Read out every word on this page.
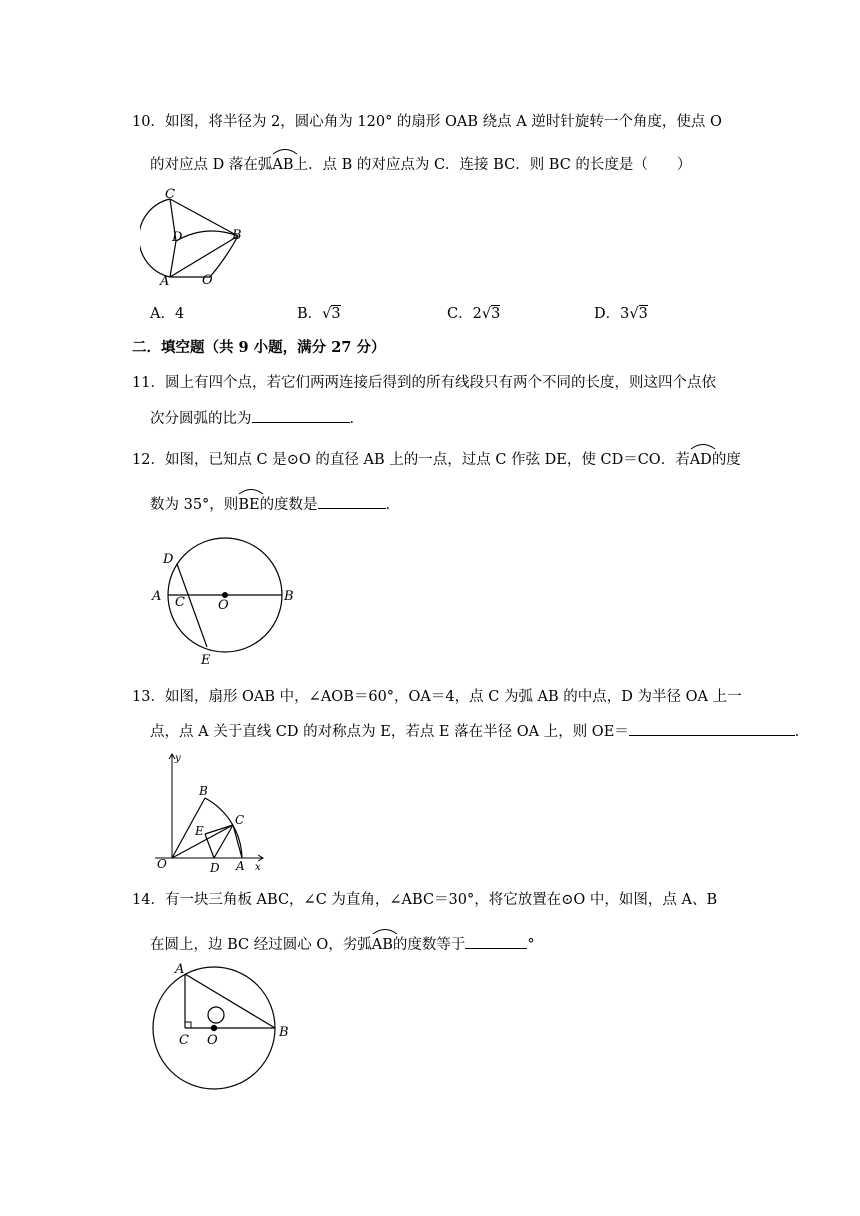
10．如图，将半径为 2，圆心角为 120° 的扇形 OAB 绕点 A 逆时针旋转一个角度，使点 O
的对应点 D 落在弧
AB上．点 B 的对应点为 C．连接 BC．则 BC 的长度是（　　）
C
D	B
A	O
A．4	B．√3	C．2√3	D．3√3
二．填空题（共 9 小题，满分 27 分）
11．圆上有四个点，若它们两两连接后得到的所有线段只有两个不同的长度，则这四个点依
次分圆弧的比为	．
12．如图，已知点 C 是⊙O 的直径 AB 上的一点，过点 C 作弦 DE，使 CD＝CO．若
AD的度
数为 35°，则
BE的度数是	．
D
A C	O
B
E
13．如图，扇形 OAB 中，∠AOB＝60°，OA＝4，点 C 为弧 AB 的中点，D 为半径 OA 上一
点，点 A 关于直线 CD 的对称点为 E，若点 E 落在半径 OA 上，则 OE＝	．
y
B
C
E
O	D A x
14．有一块三角板 ABC，∠C 为直角，∠ABC＝30°，将它放置在⊙O 中，如图，点 A、B
在圆上，边 BC 经过圆心 O，劣弧
AB的度数等于	°
A
C O
B
